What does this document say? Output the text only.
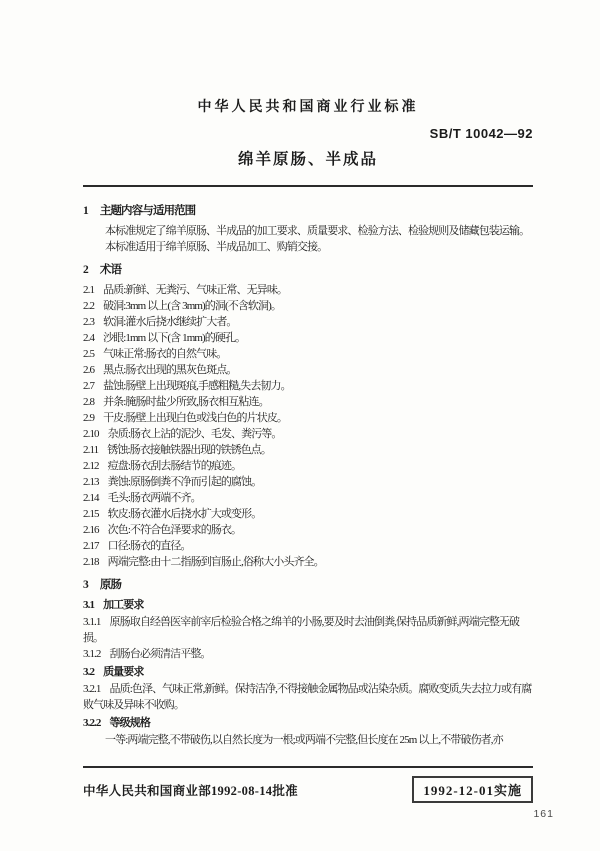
中华人民共和国商业行业标准
SB/T 10042—92
绵羊原肠、半成品
1 主题内容与适用范围
本标准规定了绵羊原肠、半成品的加工要求、质量要求、检验方法、检验规则及储藏包装运输。
本标准适用于绵羊原肠、半成品加工、购销交接。
2 术语
2.1 品质:新鲜、无粪污、气味正常、无异味。
2.2 破洞:3mm 以上(含 3mm)的洞(不含软洞)。
2.3 软洞:灌水后挠水继续扩大者。
2.4 沙眼:1mm 以下(含 1mm)的硬孔。
2.5 气味正常:肠衣的自然气味。
2.6 黑点:肠衣出现的黑灰色斑点。
2.7 盐蚀:肠壁上出现斑痕,手感粗糙,失去韧力。
2.8 并条:腌肠时盐少所致,肠衣相互粘连。
2.9 干皮:肠壁上出现白色或浅白色的片状皮。
2.10 杂质:肠衣上沾的泥沙、毛发、粪污等。
2.11 锈蚀:肠衣接触铁器出现的铁锈色点。
2.12 痘盘:肠衣刮去肠结节的痕迹。
2.13 粪蚀:原肠倒粪不净而引起的腐蚀。
2.14 毛头:肠衣两端不齐。
2.15 软皮:肠衣灌水后挠水扩大或变形。
2.16 次色:不符合色泽要求的肠衣。
2.17 口径:肠衣的直径。
2.18 两端完整:由十二指肠到盲肠止,俗称大小头齐全。
3 原肠
3.1 加工要求
3.1.1 原肠取自经兽医宰前宰后检验合格之绵羊的小肠,要及时去油倒粪,保持品质新鲜,两端完整无破损。
3.1.2 刮肠台必须清洁平整。
3.2 质量要求
3.2.1 品质:色泽、气味正常,新鲜。保持洁净,不得接触金属物品或沾染杂质。腐败变质,失去拉力或有腐败气味及异味不收购。
3.2.2 等级规格
一等:两端完整,不带破伤,以自然长度为一根;或两端不完整,但长度在 25m 以上,不带破伤者,亦
中华人民共和国商业部1992-08-14批准	1992-12-01实施
161
